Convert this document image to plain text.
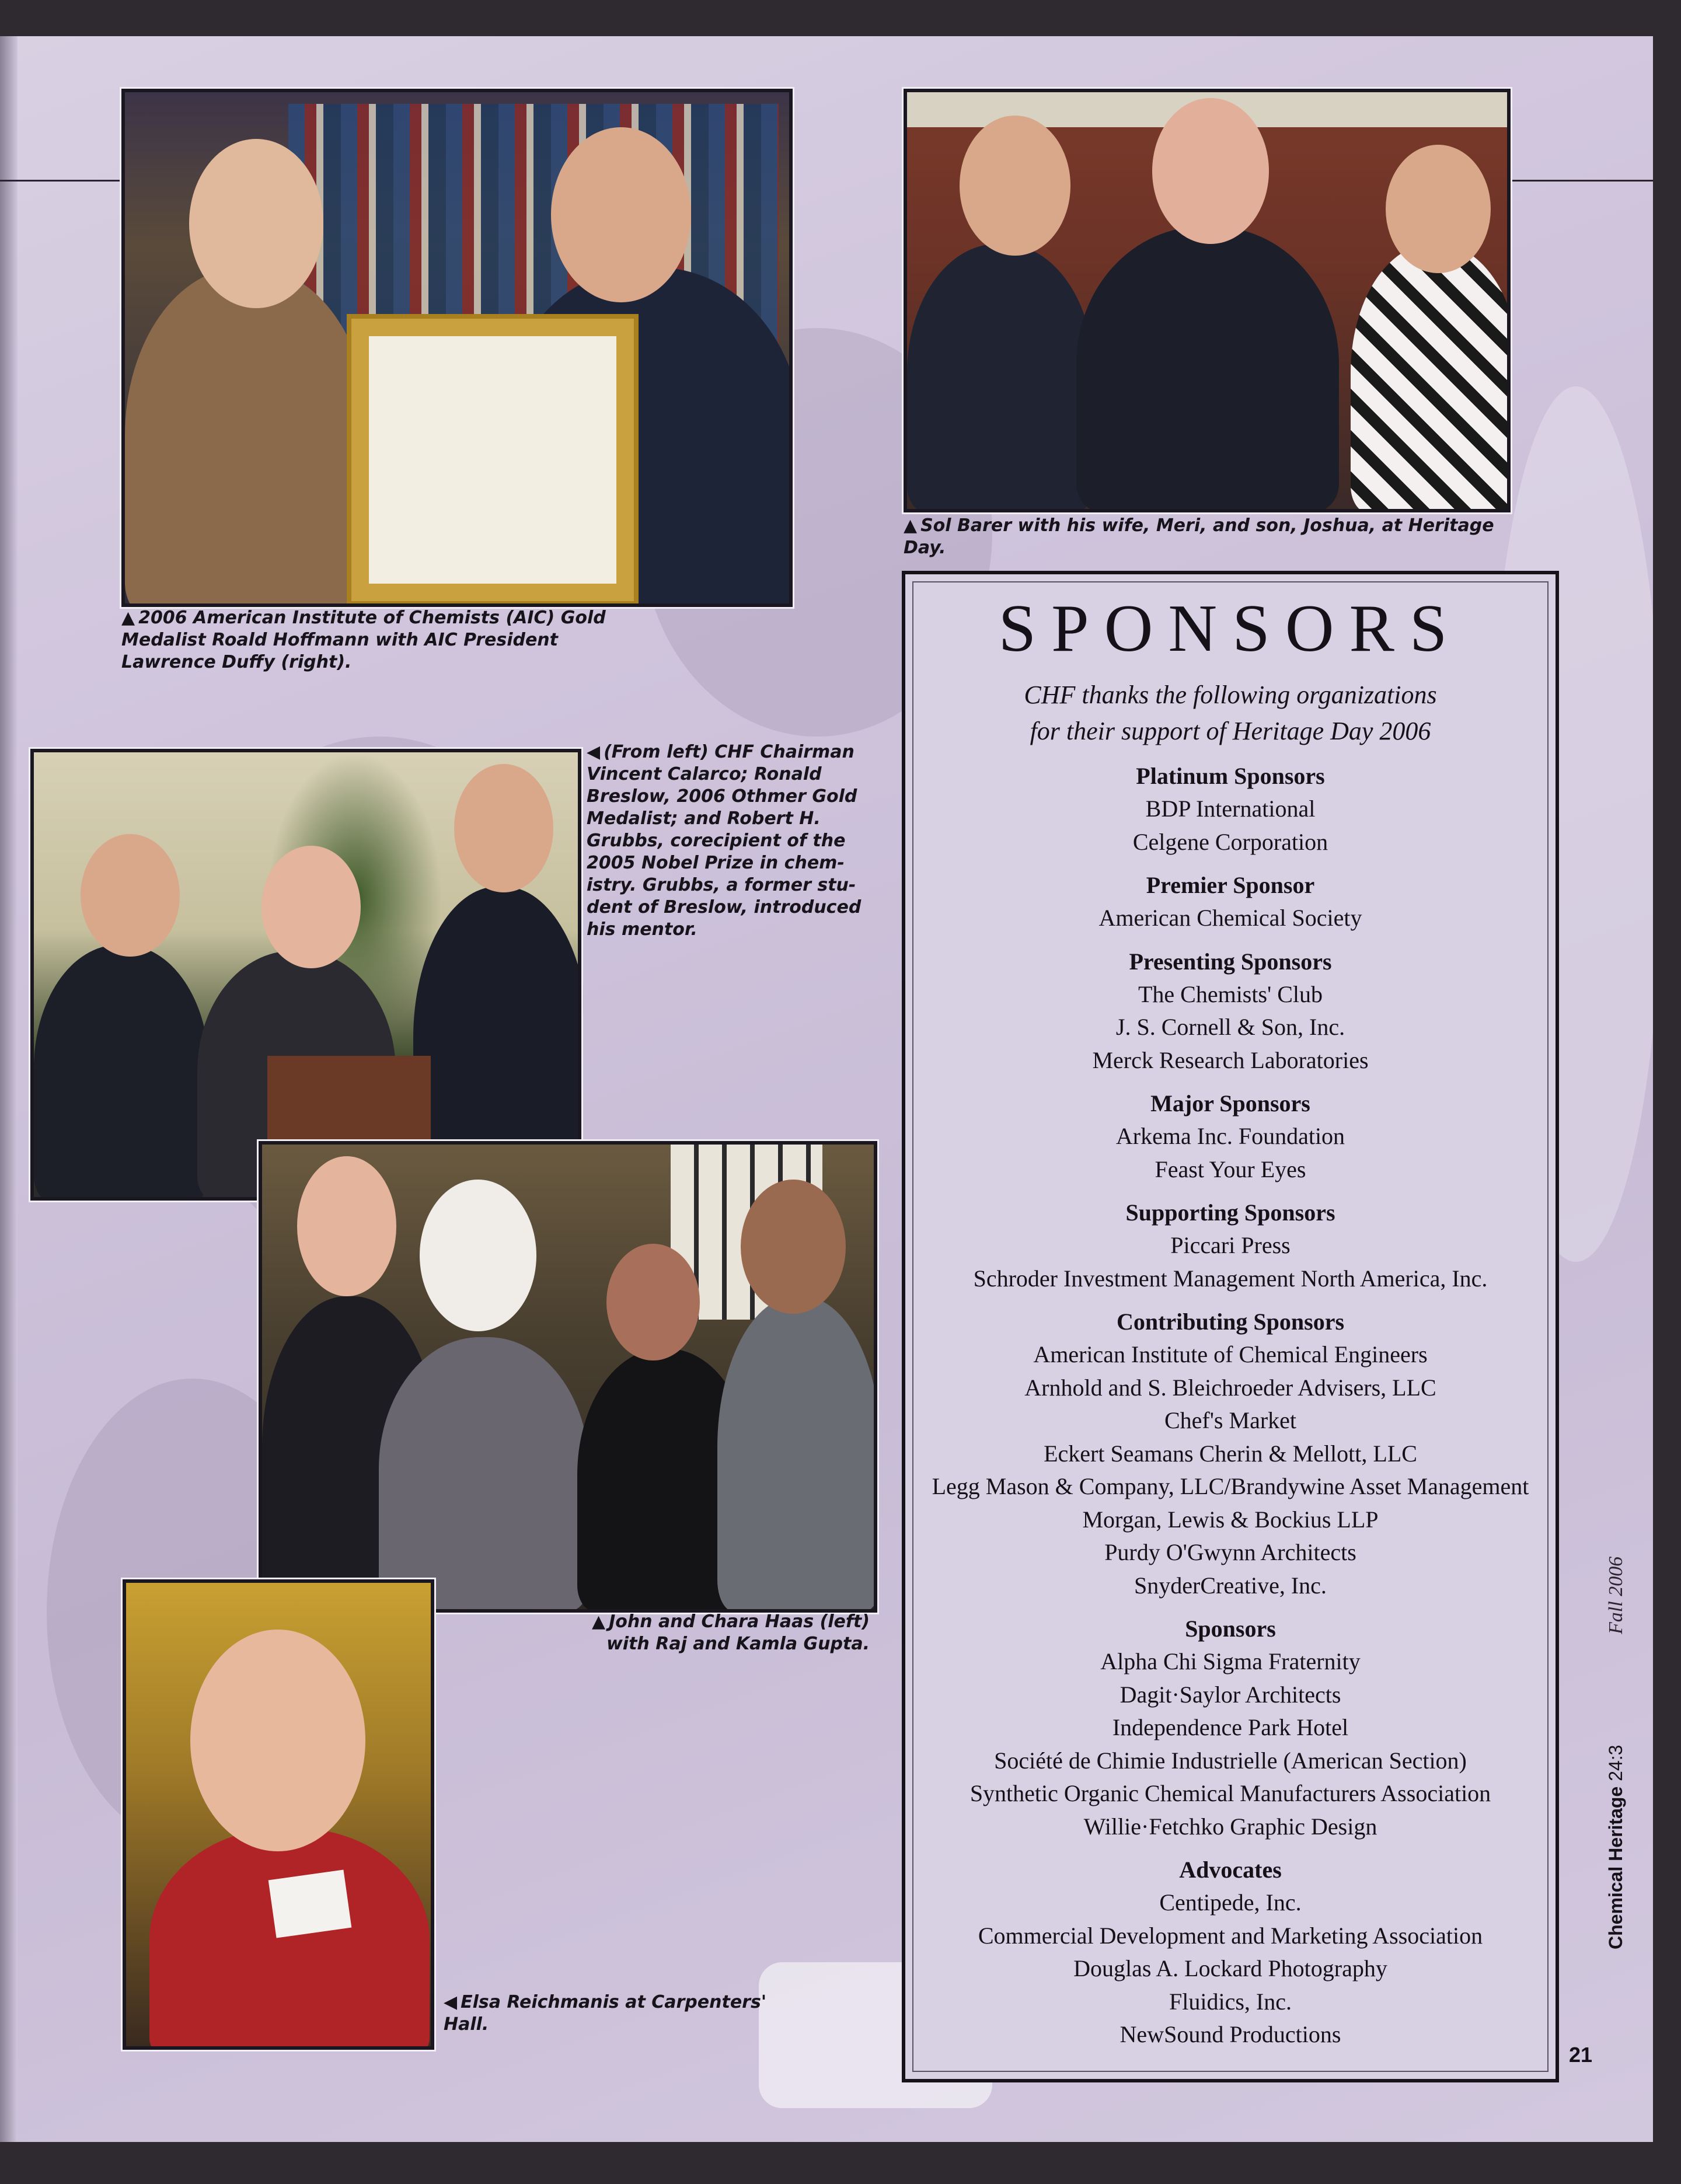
▲ 2006 American Institute of Chemists (AIC) Gold Medalist Roald Hoffmann with AIC President Lawrence Duffy (right).
▲ Sol Barer with his wife, Meri, and son, Joshua, at Heritage Day.
◀ (From left) CHF Chairman Vincent Calarco; Ronald Breslow, 2006 Othmer Gold Medalist; and Robert H. Grubbs, corecipient of the 2005 Nobel Prize in chem-istry. Grubbs, a former stu-dent of Breslow, introduced his mentor.
▲ John and Chara Haas (left) with Raj and Kamla Gupta.
◀ Elsa Reichmanis at Carpenters' Hall.
SPONSORS
CHF thanks the following organizations
for their support of Heritage Day 2006
Platinum Sponsors
BDP International
Celgene Corporation
Premier Sponsor
American Chemical Society
Presenting Sponsors
The Chemists' Club
J. S. Cornell & Son, Inc.
Merck Research Laboratories
Major Sponsors
Arkema Inc. Foundation
Feast Your Eyes
Supporting Sponsors
Piccari Press
Schroder Investment Management North America, Inc.
Contributing Sponsors
American Institute of Chemical Engineers
Arnhold and S. Bleichroeder Advisers, LLC
Chef's Market
Eckert Seamans Cherin & Mellott, LLC
Legg Mason & Company, LLC/Brandywine Asset Management
Morgan, Lewis & Bockius LLP
Purdy O'Gwynn Architects
SnyderCreative, Inc.
Sponsors
Alpha Chi Sigma Fraternity
Dagit·Saylor Architects
Independence Park Hotel
Société de Chimie Industrielle (American Section)
Synthetic Organic Chemical Manufacturers Association
Willie·Fetchko Graphic Design
Advocates
Centipede, Inc.
Commercial Development and Marketing Association
Douglas A. Lockard Photography
Fluidics, Inc.
NewSound Productions
Fall 2006
Chemical Heritage 24:3
21
